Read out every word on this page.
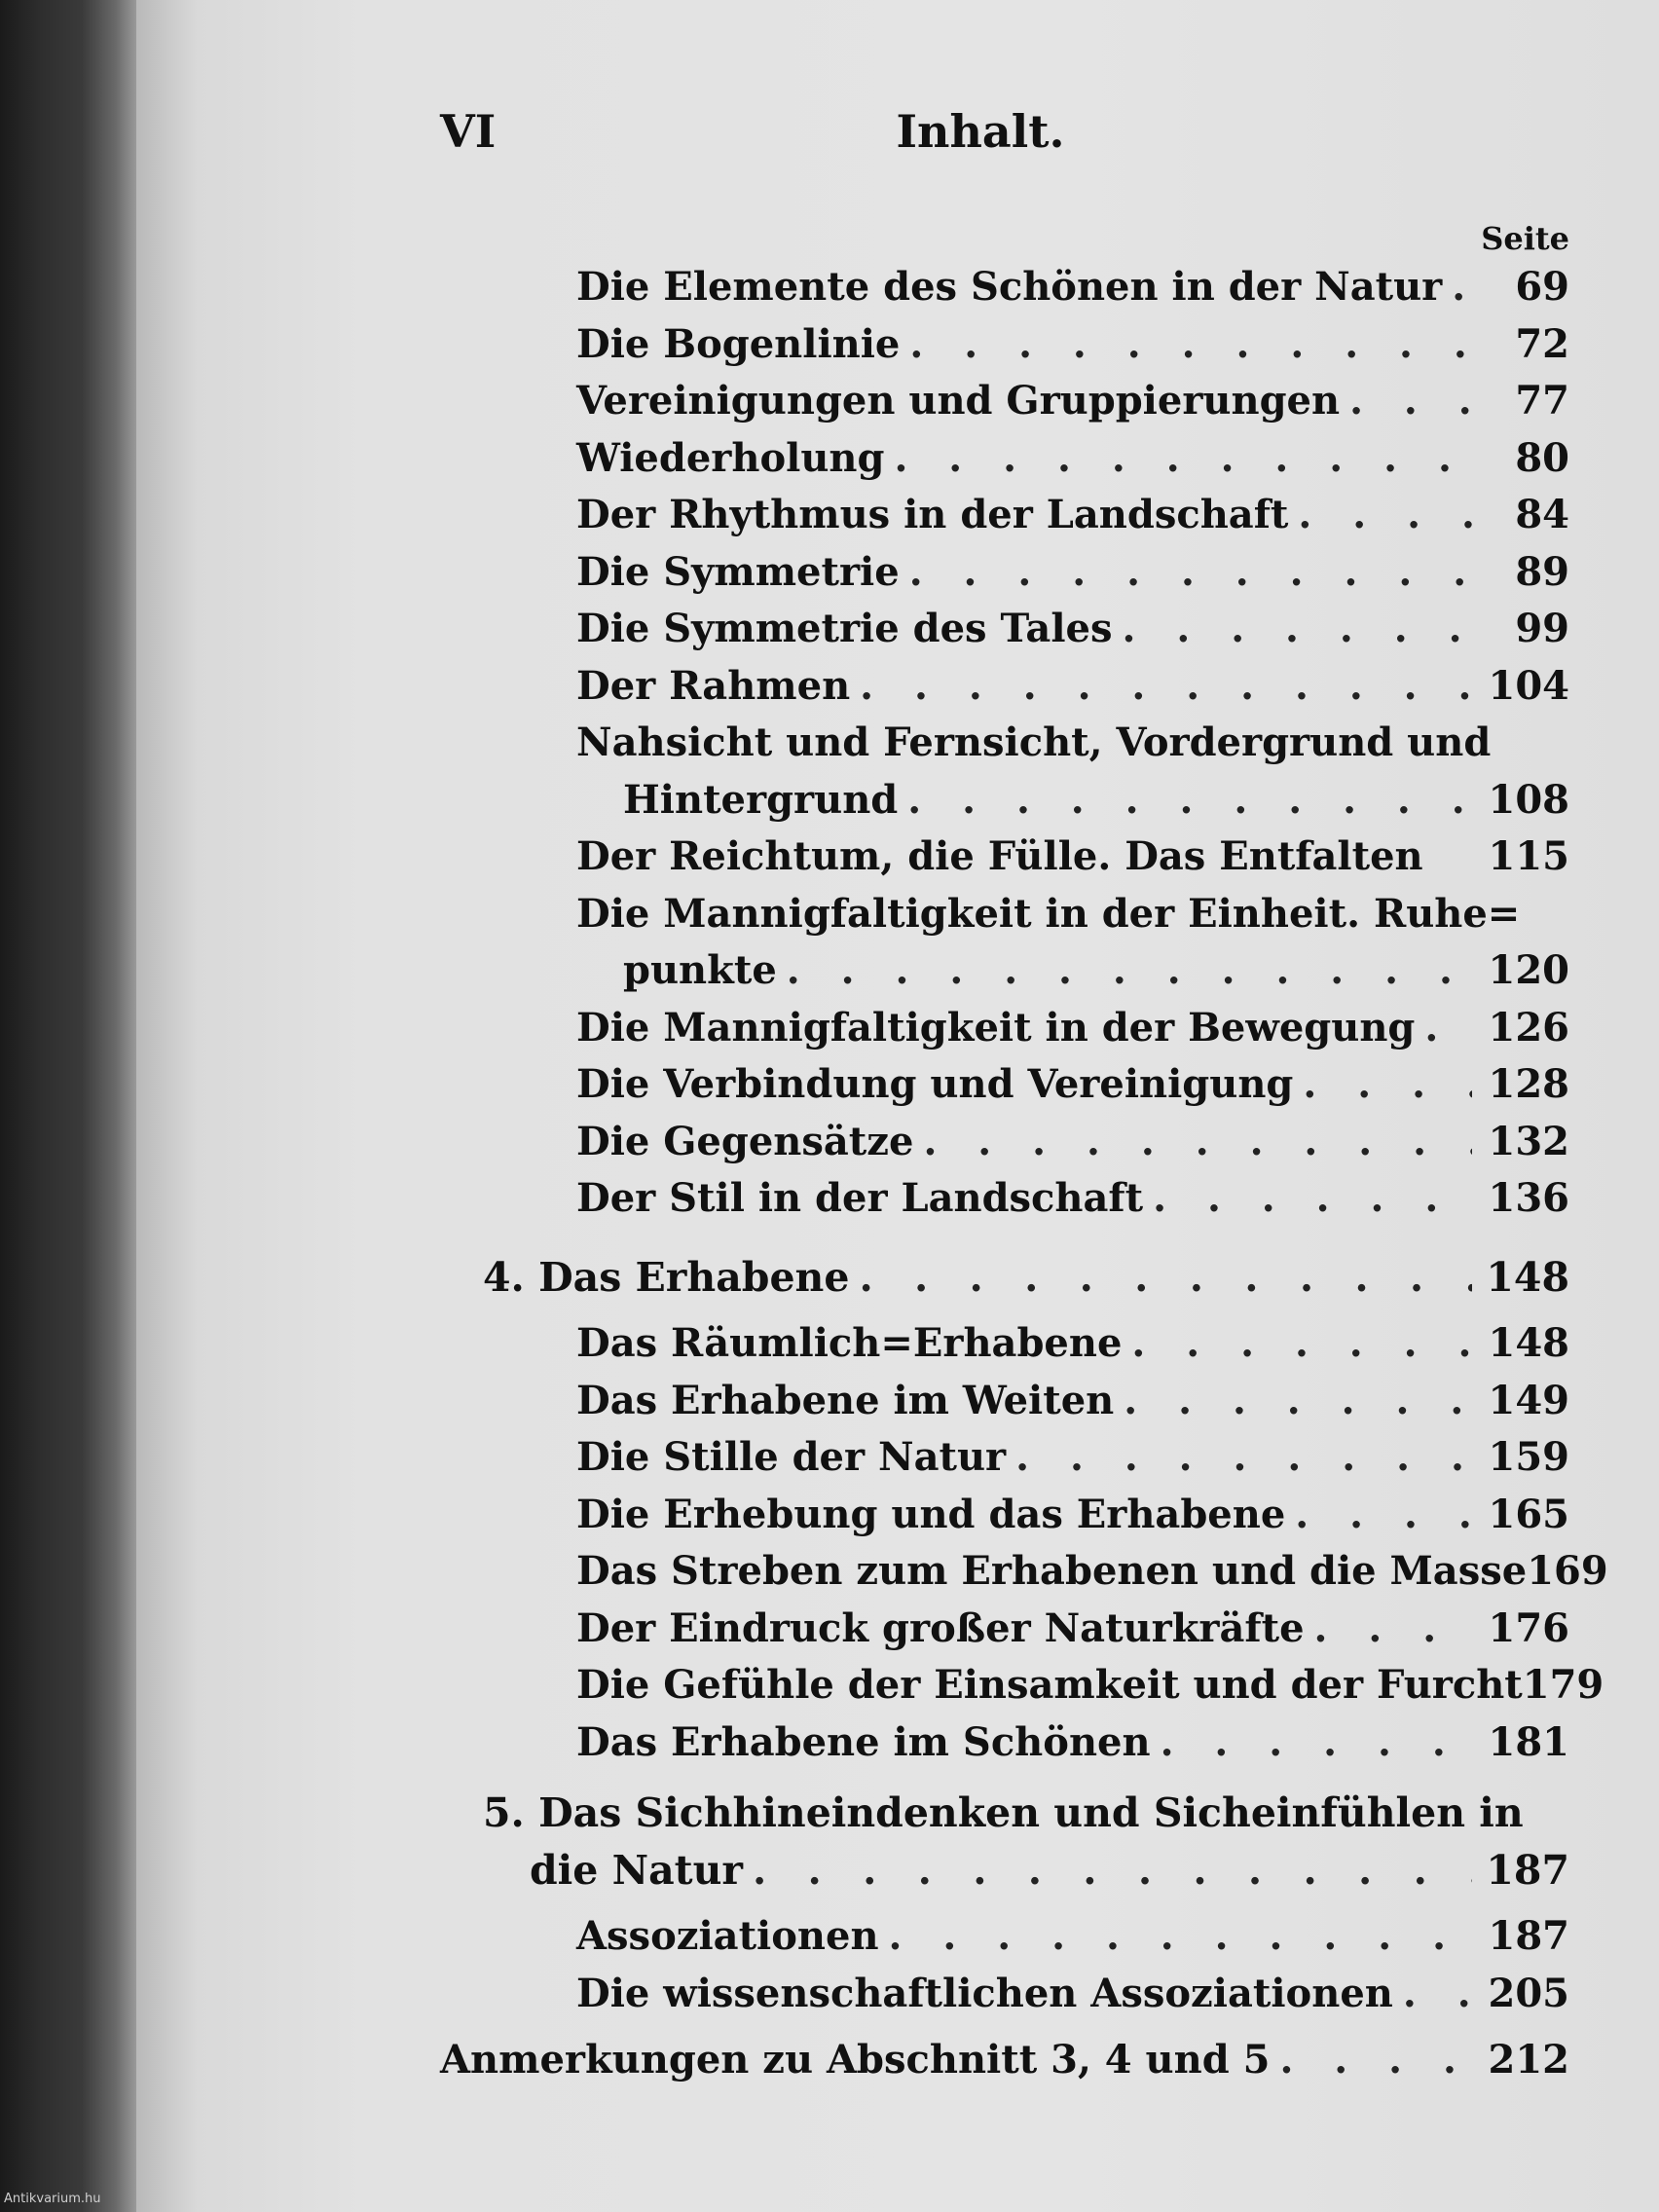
VI	Inhalt.
Seite
Die Elemente des Schönen in der Natur . . .	69
Die Bogenlinie . . .	72
Vereinigungen und Gruppierungen . . .	77
Wiederholung . . .	80
Der Rhythmus in der Landschaft . . .	84
Die Symmetrie . . .	89
Die Symmetrie des Tales . . .	99
Der Rahmen . . .	104
Nahsicht und Fernsicht, Vordergrund und
Hintergrund . . .	108
Der Reichtum, die Fülle. Das Entfalten 115
Die Mannigfaltigkeit in der Einheit. Ruhe=
punkte . . .	120
Die Mannigfaltigkeit in der Bewegung . . . 126
Die Verbindung und Vereinigung . . .	128
Die Gegensätze . . .	132
Der Stil in der Landschaft . . .	136
4. Das Erhabene . . .	148
Das Räumlich=Erhabene . . .	148
Das Erhabene im Weiten . . .	149
Die Stille der Natur . . .	159
Die Erhebung und das Erhabene . . .	165
Das Streben zum Erhabenen und die Masse 169
Der Eindruck großer Naturkräfte . . .	176
Die Gefühle der Einsamkeit und der Furcht 179
Das Erhabene im Schönen . . .	181
5. Das Sichhineindenken und Sicheinfühlen in
die Natur . . .	187
Assoziationen . . .	187
Die wissenschaftlichen Assoziationen . . . 205
Anmerkungen zu Abschnitt 3, 4 und 5 . . .	212
Antikvarium.hu
